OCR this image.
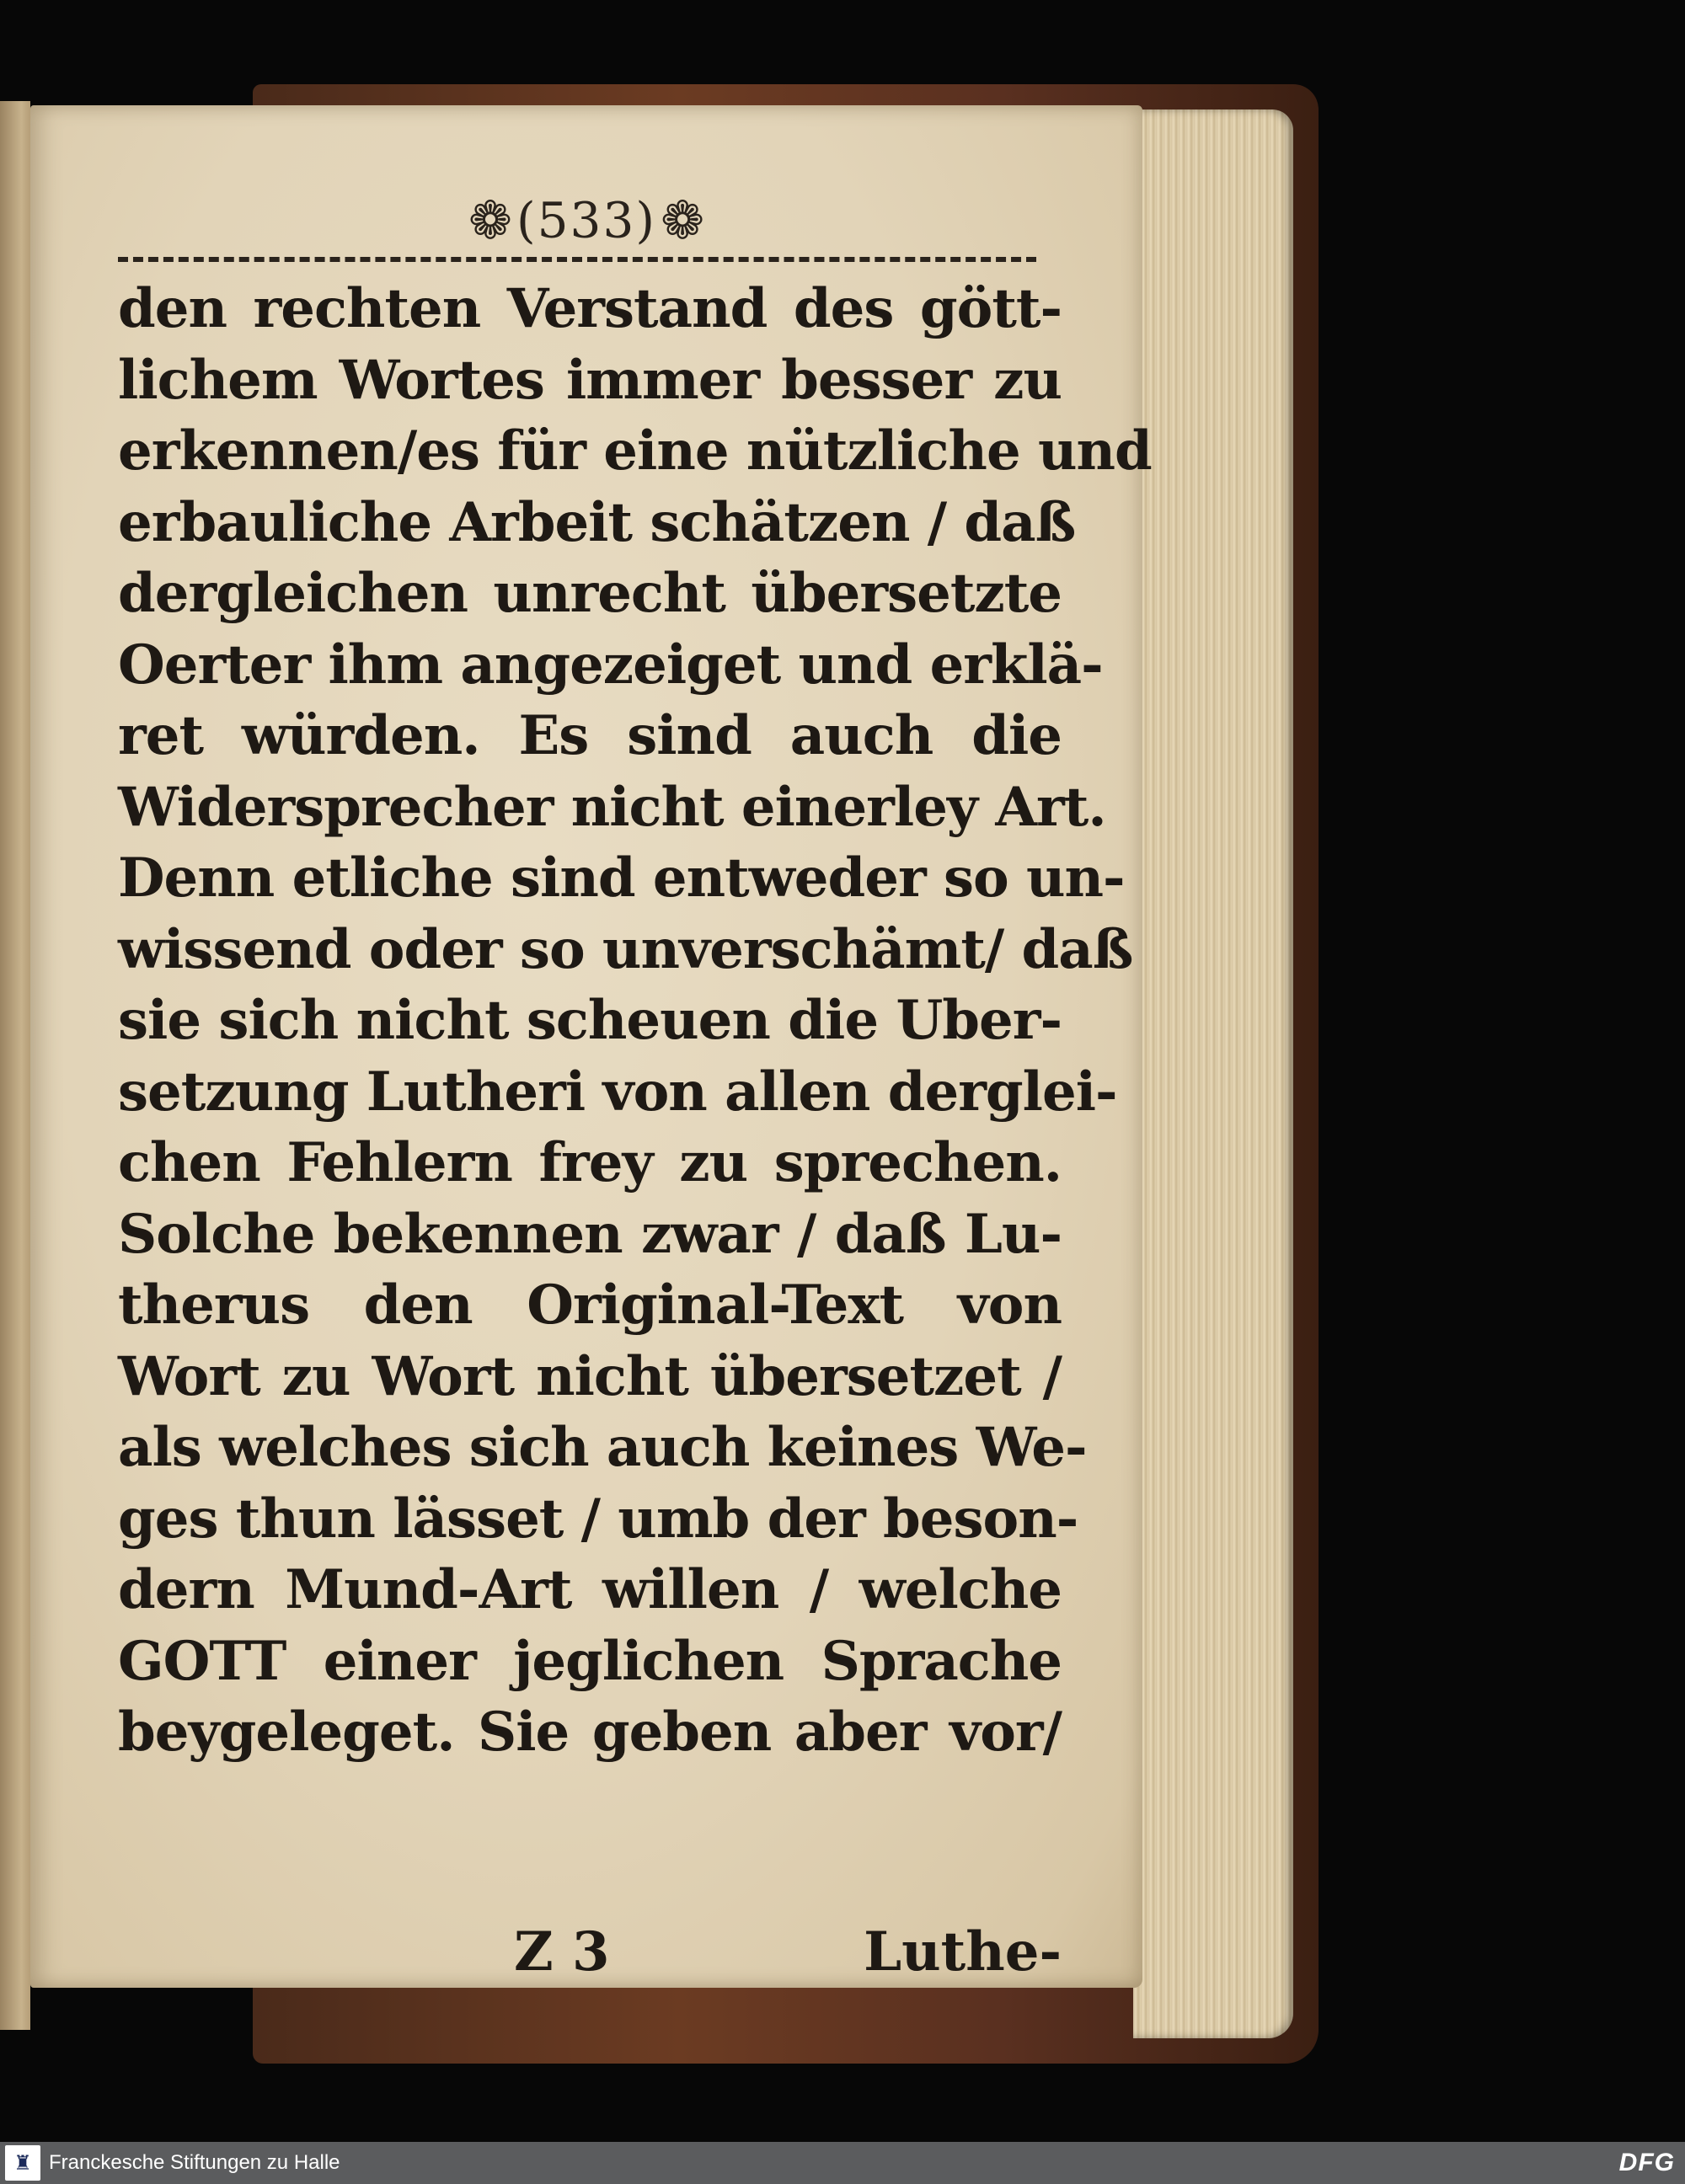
❁ (533) ❁
den rechten Verstand des gött-
lichem Wortes immer besser zu
erkennen/es für eine nützliche und
erbauliche Arbeit schätzen / daß
dergleichen unrecht übersetzte
Oerter ihm angezeiget und erklä-
ret würden. Es sind auch die
Widersprecher nicht einerley Art.
Denn etliche sind entweder so un-
wissend oder so unverschämt/ daß
sie sich nicht scheuen die Uber-
setzung Lutheri von allen derglei-
chen Fehlern frey zu sprechen.
Solche bekennen zwar / daß Lu-
therus den Original-Text von
Wort zu Wort nicht übersetzet /
als welches sich auch keines We-
ges thun lässet / umb der beson-
dern Mund-Art willen / welche
GOTT einer jeglichen Sprache
beygeleget. Sie geben aber vor/
Z 3	Luthe-
♜ Franckesche Stiftungen zu Halle	DFG
